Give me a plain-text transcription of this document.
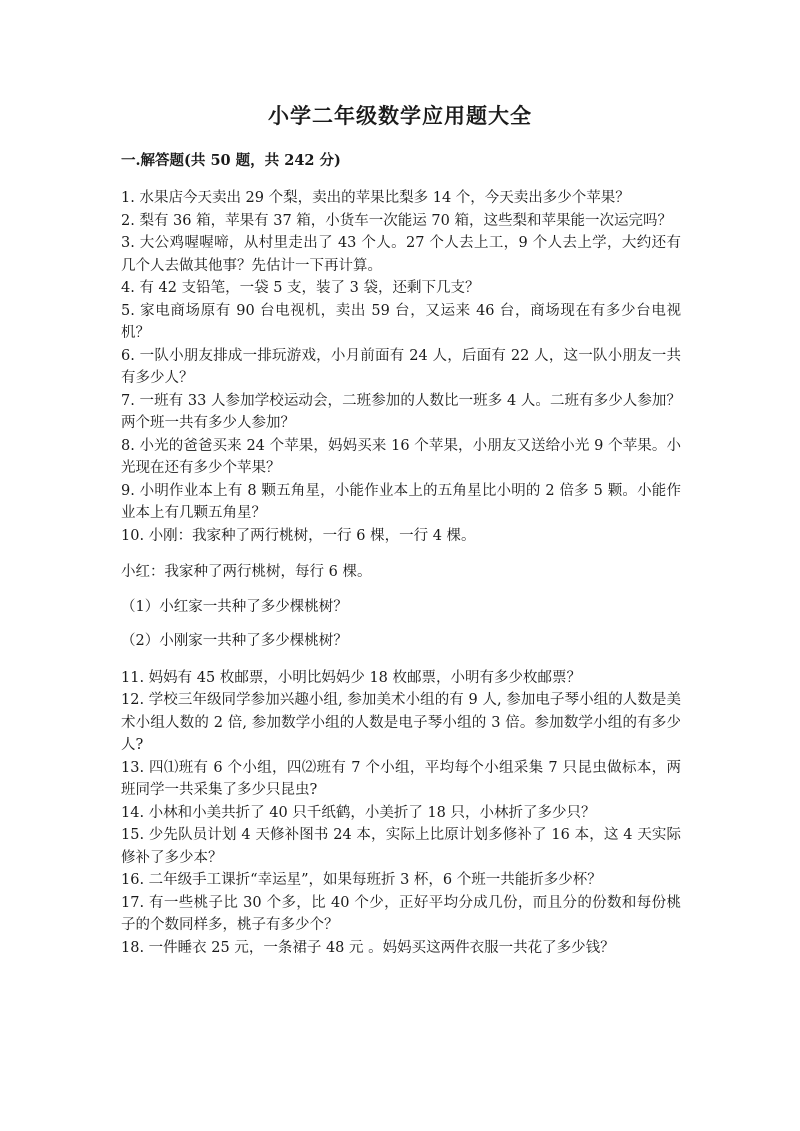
小学二年级数学应用题大全
一.解答题(共 50 题，共 242 分)

1. 水果店今天卖出 29 个梨，卖出的苹果比梨多 14 个，今天卖出多少个苹果？

2. 梨有 36 箱，苹果有 37 箱，小货车一次能运 70 箱，这些梨和苹果能一次运完吗？

3. 大公鸡喔喔啼，从村里走出了 43 个人。27 个人去上工，9 个人去上学，大约还有几个人去做其他事？先估计一下再计算。

4. 有 42 支铅笔，一袋 5 支，装了 3 袋，还剩下几支？

5. 家电商场原有 90 台电视机，卖出 59 台，又运来 46 台，商场现在有多少台电视机？

6. 一队小朋友排成一排玩游戏，小月前面有 24 人，后面有 22 人，这一队小朋友一共有多少人？

7. 一班有 33 人参加学校运动会，二班参加的人数比一班多 4 人。二班有多少人参加？两个班一共有多少人参加？

8. 小光的爸爸买来 24 个苹果，妈妈买来 16 个苹果，小朋友又送给小光 9 个苹果。小光现在还有多少个苹果？

9. 小明作业本上有 8 颗五角星，小能作业本上的五角星比小明的 2 倍多 5 颗。小能作业本上有几颗五角星？

10. 小刚：我家种了两行桃树，一行 6 棵，一行 4 棵。

小红：我家种了两行桃树，每行 6 棵。

（1）小红家一共种了多少棵桃树？

（2）小刚家一共种了多少棵桃树？

11. 妈妈有 45 枚邮票，小明比妈妈少 18 枚邮票，小明有多少枚邮票？

12. 学校三年级同学参加兴趣小组, 参加美术小组的有 9 人, 参加电子琴小组的人数是美术小组人数的 2 倍, 参加数学小组的人数是电子琴小组的 3 倍。参加数学小组的有多少人?

13. 四⑴班有 6 个小组，四⑵班有 7 个小组，平均每个小组采集 7 只昆虫做标本，两班同学一共采集了多少只昆虫?

14. 小林和小美共折了 40 只千纸鹤，小美折了 18 只，小林折了多少只？

15. 少先队员计划 4 天修补图书 24 本，实际上比原计划多修补了 16 本，这 4 天实际修补了多少本？

16. 二年级手工课折“幸运星”，如果每班折 3 杯，6 个班一共能折多少杯？

17. 有一些桃子比 30 个多，比 40 个少，正好平均分成几份，而且分的份数和每份桃子的个数同样多，桃子有多少个？

18. 一件睡衣 25 元，一条裙子 48 元 。妈妈买这两件衣服一共花了多少钱？
